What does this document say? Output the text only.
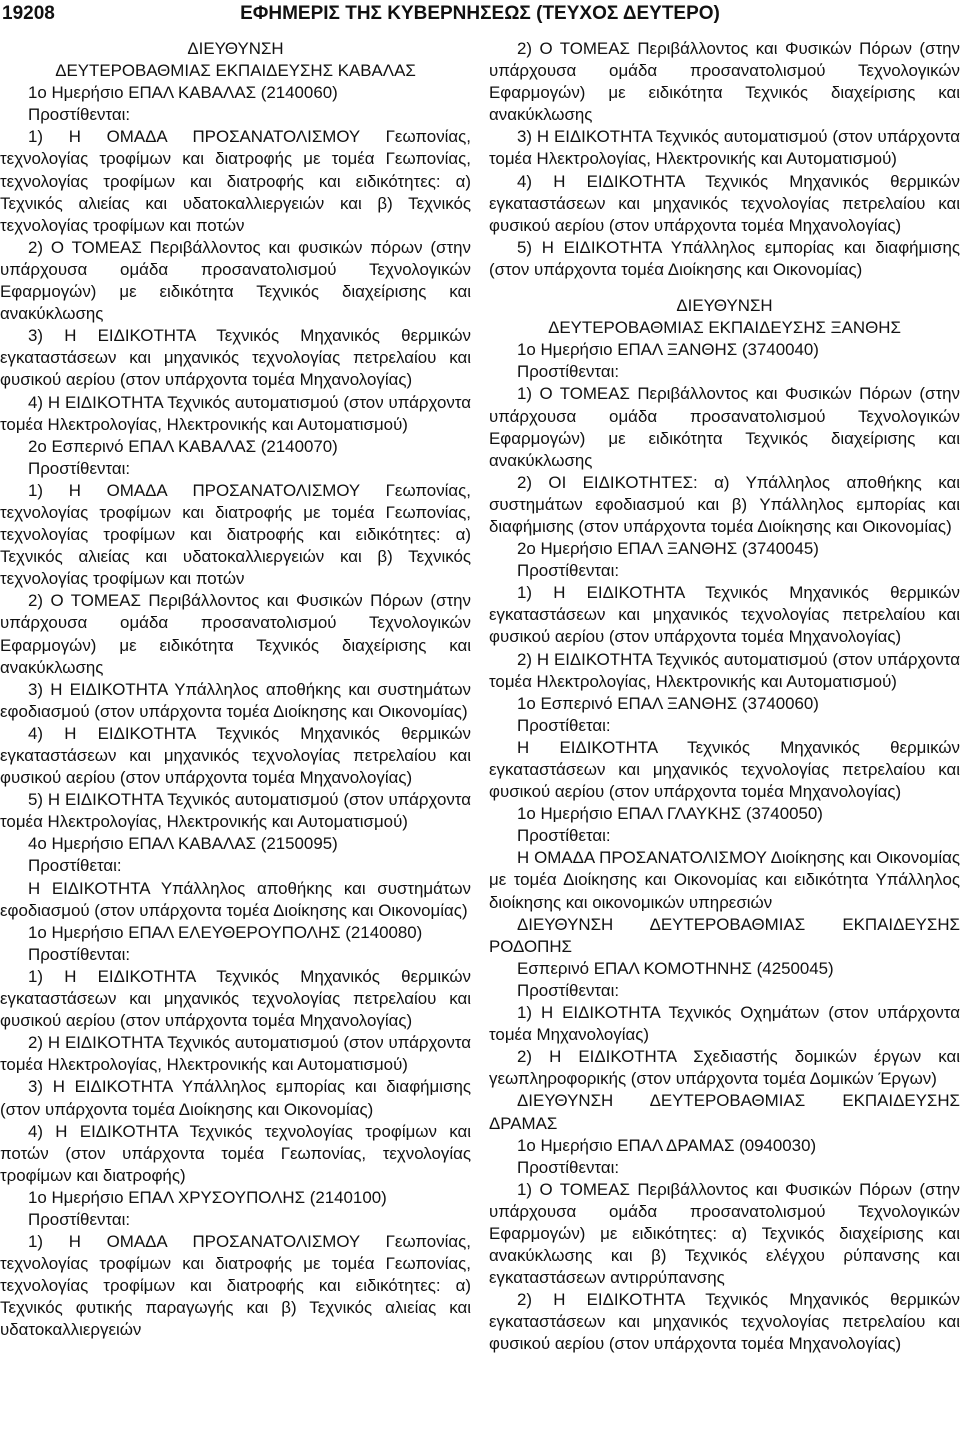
19208	ΕΦΗΜΕΡΙΣ ΤΗΣ ΚΥΒΕΡΝΗΣΕΩΣ (ΤΕΥΧΟΣ ΔΕΥΤΕΡΟ)

ΔΙΕΥΘΥΝΣΗ

ΔΕΥΤΕΡΟΒΑΘΜΙΑΣ ΕΚΠΑΙΔΕΥΣΗΣ ΚΑΒΑΛΑΣ

1ο Ημερήσιο ΕΠΑΛ ΚΑΒΑΛΑΣ (2140060)

Προστίθενται:

1) Η ΟΜΑΔΑ ΠΡΟΣΑΝΑΤΟΛΙΣΜΟΥ Γεωπονίας, τεχνολογίας τροφίμων και διατροφής με τομέα Γεωπονίας, τεχνολογίας τροφίμων και διατροφής και ειδικότητες: α) Τεχνικός αλιείας και υδατοκαλλιεργειών και β) Τεχνικός τεχνολογίας τροφίμων και ποτών

2) Ο ΤΟΜΕΑΣ Περιβάλλοντος και φυσικών πόρων (στην υπάρχουσα ομάδα προσανατολισμού Τεχνολογικών Εφαρμογών) με ειδικότητα Τεχνικός διαχείρισης και ανακύκλωσης

3) Η ΕΙΔΙΚΟΤΗΤΑ Τεχνικός Μηχανικός θερμικών εγκαταστάσεων και μηχανικός τεχνολογίας πετρελαίου και φυσικού αερίου (στον υπάρχοντα τομέα Μηχανολογίας)

4) Η ΕΙΔΙΚΟΤΗΤΑ Τεχνικός αυτοματισμού (στον υπάρχοντα τομέα Ηλεκτρολογίας, Ηλεκτρονικής και Αυτοματισμού)

2ο Εσπερινό ΕΠΑΛ ΚΑΒΑΛΑΣ (2140070)

Προστίθενται:

1) Η ΟΜΑΔΑ ΠΡΟΣΑΝΑΤΟΛΙΣΜΟΥ Γεωπονίας, τεχνολογίας τροφίμων και διατροφής με τομέα Γεωπονίας, τεχνολογίας τροφίμων και διατροφής και ειδικότητες: α) Τεχνικός αλιείας και υδατοκαλλιεργειών και β) Τεχνικός τεχνολογίας τροφίμων και ποτών

2) Ο ΤΟΜΕΑΣ Περιβάλλοντος και Φυσικών Πόρων (στην υπάρχουσα ομάδα προσανατολισμού Τεχνολογικών Εφαρμογών) με ειδικότητα Τεχνικός διαχείρισης και ανακύκλωσης

3) Η ΕΙΔΙΚΟΤΗΤΑ Υπάλληλος αποθήκης και συστημάτων εφοδιασμού (στον υπάρχοντα τομέα Διοίκησης και Οικονομίας)

4) Η ΕΙΔΙΚΟΤΗΤΑ Τεχνικός Μηχανικός θερμικών εγκαταστάσεων και μηχανικός τεχνολογίας πετρελαίου και φυσικού αερίου (στον υπάρχοντα τομέα Μηχανολογίας)

5) Η ΕΙΔΙΚΟΤΗΤΑ Τεχνικός αυτοματισμού (στον υπάρχοντα τομέα Ηλεκτρολογίας, Ηλεκτρονικής και Αυτοματισμού)

4ο Ημερήσιο ΕΠΑΛ ΚΑΒΑΛΑΣ (2150095)

Προστίθεται:

Η ΕΙΔΙΚΟΤΗΤΑ Υπάλληλος αποθήκης και συστημάτων εφοδιασμού (στον υπάρχοντα τομέα Διοίκησης και Οικονομίας)

1ο Ημερήσιο ΕΠΑΛ ΕΛΕΥΘΕΡΟΥΠΟΛΗΣ (2140080)

Προστίθενται:

1) Η ΕΙΔΙΚΟΤΗΤΑ Τεχνικός Μηχανικός θερμικών εγκαταστάσεων και μηχανικός τεχνολογίας πετρελαίου και φυσικού αερίου (στον υπάρχοντα τομέα Μηχανολογίας)

2) Η ΕΙΔΙΚΟΤΗΤΑ Τεχνικός αυτοματισμού (στον υπάρχοντα τομέα Ηλεκτρολογίας, Ηλεκτρονικής και Αυτοματισμού)

3) Η ΕΙΔΙΚΟΤΗΤΑ Υπάλληλος εμπορίας και διαφήμισης (στον υπάρχοντα τομέα Διοίκησης και Οικονομίας)

4) Η ΕΙΔΙΚΟΤΗΤΑ Τεχνικός τεχνολογίας τροφίμων και ποτών (στον υπάρχοντα τομέα Γεωπονίας, τεχνολογίας τροφίμων και διατροφής)

1ο Ημερήσιο ΕΠΑΛ ΧΡΥΣΟΥΠΟΛΗΣ (2140100)

Προστίθενται:

1) Η ΟΜΑΔΑ ΠΡΟΣΑΝΑΤΟΛΙΣΜΟΥ Γεωπονίας, τεχνολογίας τροφίμων και διατροφής με τομέα Γεωπονίας, τεχνολογίας τροφίμων και διατροφής και ειδικότητες: α) Τεχνικός φυτικής παραγωγής και β) Τεχνικός αλιείας και υδατοκαλλιεργειών

2) Ο ΤΟΜΕΑΣ Περιβάλλοντος και Φυσικών Πόρων (στην υπάρχουσα ομάδα προσανατολισμού Τεχνολογικών Εφαρμογών) με ειδικότητα Τεχνικός διαχείρισης και ανακύκλωσης

3) Η ΕΙΔΙΚΟΤΗΤΑ Τεχνικός αυτοματισμού (στον υπάρχοντα τομέα Ηλεκτρολογίας, Ηλεκτρονικής και Αυτοματισμού)

4) Η ΕΙΔΙΚΟΤΗΤΑ Τεχνικός Μηχανικός θερμικών εγκαταστάσεων και μηχανικός τεχνολογίας πετρελαίου και φυσικού αερίου (στον υπάρχοντα τομέα Μηχανολογίας)

5) Η ΕΙΔΙΚΟΤΗΤΑ Υπάλληλος εμπορίας και διαφήμισης (στον υπάρχοντα τομέα Διοίκησης και Οικονομίας)

ΔΙΕΥΘΥΝΣΗ

ΔΕΥΤΕΡΟΒΑΘΜΙΑΣ ΕΚΠΑΙΔΕΥΣΗΣ ΞΑΝΘΗΣ

1ο Ημερήσιο ΕΠΑΛ ΞΑΝΘΗΣ (3740040)

Προστίθενται:

1) Ο ΤΟΜΕΑΣ Περιβάλλοντος και Φυσικών Πόρων (στην υπάρχουσα ομάδα προσανατολισμού Τεχνολογικών Εφαρμογών) με ειδικότητα Τεχνικός διαχείρισης και ανακύκλωσης

2) ΟΙ ΕΙΔΙΚΟΤΗΤΕΣ: α) Υπάλληλος αποθήκης και συστημάτων εφοδιασμού και β) Υπάλληλος εμπορίας και διαφήμισης (στον υπάρχοντα τομέα Διοίκησης και Οικονομίας)

2ο Ημερήσιο ΕΠΑΛ ΞΑΝΘΗΣ (3740045)

Προστίθενται:

1) Η ΕΙΔΙΚΟΤΗΤΑ Τεχνικός Μηχανικός θερμικών εγκαταστάσεων και μηχανικός τεχνολογίας πετρελαίου και φυσικού αερίου (στον υπάρχοντα τομέα Μηχανολογίας)

2) Η ΕΙΔΙΚΟΤΗΤΑ Τεχνικός αυτοματισμού (στον υπάρχοντα τομέα Ηλεκτρολογίας, Ηλεκτρονικής και Αυτοματισμού)

1ο Εσπερινό ΕΠΑΛ ΞΑΝΘΗΣ (3740060)

Προστίθεται:

Η ΕΙΔΙΚΟΤΗΤΑ Τεχνικός Μηχανικός θερμικών εγκαταστάσεων και μηχανικός τεχνολογίας πετρελαίου και φυσικού αερίου (στον υπάρχοντα τομέα Μηχανολογίας)

1ο Ημερήσιο ΕΠΑΛ ΓΛΑΥΚΗΣ (3740050)

Προστίθεται:

Η ΟΜΑΔΑ ΠΡΟΣΑΝΑΤΟΛΙΣΜΟΥ Διοίκησης και Οικονομίας με τομέα Διοίκησης και Οικονομίας και ειδικότητα Υπάλληλος διοίκησης και οικονομικών υπηρεσιών

ΔΙΕΥΘΥΝΣΗ ΔΕΥΤΕΡΟΒΑΘΜΙΑΣ ΕΚΠΑΙΔΕΥΣΗΣ ΡΟΔΟΠΗΣ

Εσπερινό ΕΠΑΛ ΚΟΜΟΤΗΝΗΣ (4250045)

Προστίθενται:

1) Η ΕΙΔΙΚΟΤΗΤΑ Τεχνικός Οχημάτων (στον υπάρχοντα τομέα Μηχανολογίας)

2) Η ΕΙΔΙΚΟΤΗΤΑ Σχεδιαστής δομικών έργων και γεωπληροφορικής (στον υπάρχοντα τομέα Δομικών Έργων)

ΔΙΕΥΘΥΝΣΗ ΔΕΥΤΕΡΟΒΑΘΜΙΑΣ ΕΚΠΑΙΔΕΥΣΗΣ ΔΡΑΜΑΣ

1ο Ημερήσιο ΕΠΑΛ ΔΡΑΜΑΣ (0940030)

Προστίθενται:

1) Ο ΤΟΜΕΑΣ Περιβάλλοντος και Φυσικών Πόρων (στην υπάρχουσα ομάδα προσανατολισμού Τεχνολογικών Εφαρμογών) με ειδικότητες: α) Τεχνικός διαχείρισης και ανακύκλωσης και β) Τεχνικός ελέγχου ρύπανσης και εγκαταστάσεων αντιρρύπανσης

2) Η ΕΙΔΙΚΟΤΗΤΑ Τεχνικός Μηχανικός θερμικών εγκαταστάσεων και μηχανικός τεχνολογίας πετρελαίου και φυσικού αερίου (στον υπάρχοντα τομέα Μηχανολογίας)
